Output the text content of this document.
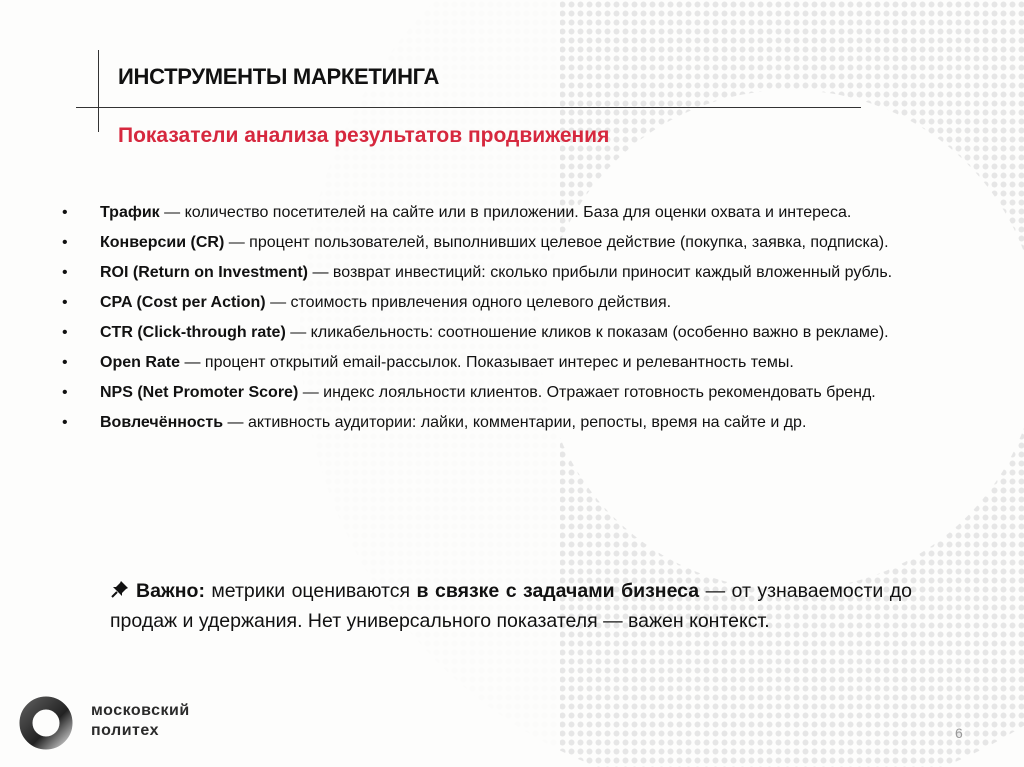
ИНСТРУМЕНТЫ МАРКЕТИНГА
Показатели анализа результатов продвижения
• Трафик — количество посетителей на сайте или в приложении. База для оценки охвата и интереса.
• Конверсии (CR) — процент пользователей, выполнивших целевое действие (покупка, заявка, подписка).
• ROI (Return on Investment) — возврат инвестиций: сколько прибыли приносит каждый вложенный рубль.
• CPA (Cost per Action) — стоимость привлечения одного целевого действия.
• CTR (Click-through rate) — кликабельность: соотношение кликов к показам (особенно важно в рекламе).
• Open Rate — процент открытий email-рассылок. Показывает интерес и релевантность темы.
• NPS (Net Promoter Score) — индекс лояльности клиентов. Отражает готовность рекомендовать бренд.
• Вовлечённость — активность аудитории: лайки, комментарии, репосты, время на сайте и др.
Важно: метрики оцениваются в связке с задачами бизнеса — от узнаваемости до продаж и удержания. Нет универсального показателя — важен контекст.
московский
политех	6
